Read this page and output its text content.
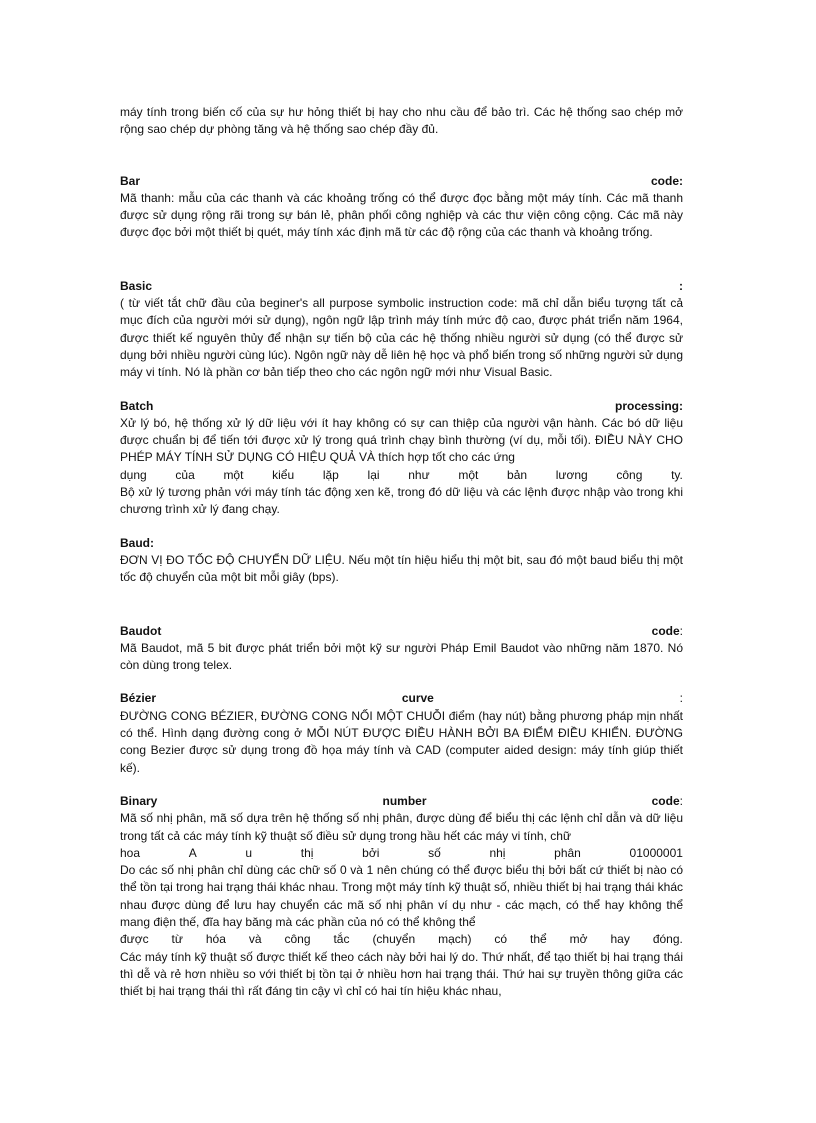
máy tính trong biến cố của sự hư hỏng thiết bị hay cho nhu cầu để bảo trì. Các hệ thống sao chép mở rộng sao chép dự phòng tăng và hệ thống sao chép đầy đủ.

Bar	code:

Mã thanh: mẫu của các thanh và các khoảng trống có thể được đọc bằng một máy tính. Các mã thanh được sử dụng rộng rãi trong sự bán lẻ, phân phối công nghiệp và các thư viện công cộng. Các mã này được đọc bởi một thiết bị quét, máy tính xác định mã từ các độ rộng của các thanh và khoảng trống.

Basic	:

( từ viết tắt chữ đầu của beginer's all purpose symbolic instruction code: mã chỉ dẫn biểu tượng tất cả mục đích của người mới sử dụng), ngôn ngữ lập trình máy tính mức độ cao, được phát triển năm 1964, được thiết kế nguyên thủy để nhận sự tiến bộ của các hệ thống nhiều người sử dụng (có thể được sử dụng bởi nhiều người cùng lúc). Ngôn ngữ này dễ liên hệ học và phổ biến trong số những người sử dụng máy vi tính. Nó là phần cơ bản tiếp theo cho các ngôn ngữ mới như Visual Basic.

Batch	processing:

Xử lý bó, hệ thống xử lý dữ liệu với ít hay không có sự can thiệp của người vận hành. Các bó dữ liệu được chuẩn bị để tiến tới được xử lý trong quá trình chạy bình thường (ví dụ, mỗi tối). ĐIỀU NÀY CHO PHÉP MÁY TÍNH SỬ DỤNG CÓ HIỆU QUẢ VÀ thích hợp tốt cho các ứng

dụng của một kiểu lặp lại như một bản lương công ty.

Bộ xử lý tương phản với máy tính tác động xen kẽ, trong đó dữ liệu và các lệnh được nhập vào trong khi chương trình xử lý đang chạy.

Baud:

ĐƠN VỊ ĐO TỐC ĐỘ CHUYỂN DỮ LIỆU. Nếu một tín hiệu hiểu thị một bit, sau đó một baud biểu thị một tốc độ chuyển của một bit mỗi giây (bps).

Baudot	code:

Mã Baudot, mã 5 bit được phát triển bởi một kỹ sư người Pháp Emil Baudot vào những năm 1870. Nó còn dùng trong telex.

Bézier	curve	:

ĐƯỜNG CONG BÉZIER, ĐƯỜNG CONG NỐI MỘT CHUỖI điểm (hay nút) bằng phương pháp mịn nhất có thể. Hình dạng đường cong ở MỖI NÚT ĐƯỢC ĐIỀU HÀNH BỞI BA ĐIỂM ĐIỀU KHIỂN. ĐƯỜNG cong Bezier được sử dụng trong đồ họa máy tính và CAD (computer aided design: máy tính giúp thiết kế).

Binary	number	code:

Mã số nhị phân, mã số dựa trên hệ thống số nhị phân, được dùng để biểu thị các lệnh chỉ dẫn và dữ liệu trong tất cả các máy tính kỹ thuật số điều sử dụng trong hầu hết các máy vi tính, chữ

hoa	A	u	thị	bởi	số	nhị	phân	01000001

Do các số nhị phân chỉ dùng các chữ số 0 và 1 nên chúng có thể được biểu thị bởi bất cứ thiết bị nào có thể tồn tại trong hai trạng thái khác nhau. Trong một máy tính kỹ thuật số, nhiều thiết bị hai trạng thái khác nhau được dùng để lưu hay chuyển các mã số nhị phân ví dụ như - các mạch, có thể hay không thể mang điện thế, đĩa hay băng mà các phần của nó có thể không thể

được từ hóa và công tắc (chuyển mạch) có thể mở hay đóng.

Các máy tính kỹ thuật số được thiết kế theo cách này bởi hai lý do. Thứ nhất, để tạo thiết bị hai trạng thái thì dễ và rẻ hơn nhiều so với thiết bị tồn tại ở nhiều hơn hai trạng thái. Thứ hai sự truyền thông giữa các thiết bị hai trạng thái thì rất đáng tin cậy vì chỉ có hai tín hiệu khác nhau,
